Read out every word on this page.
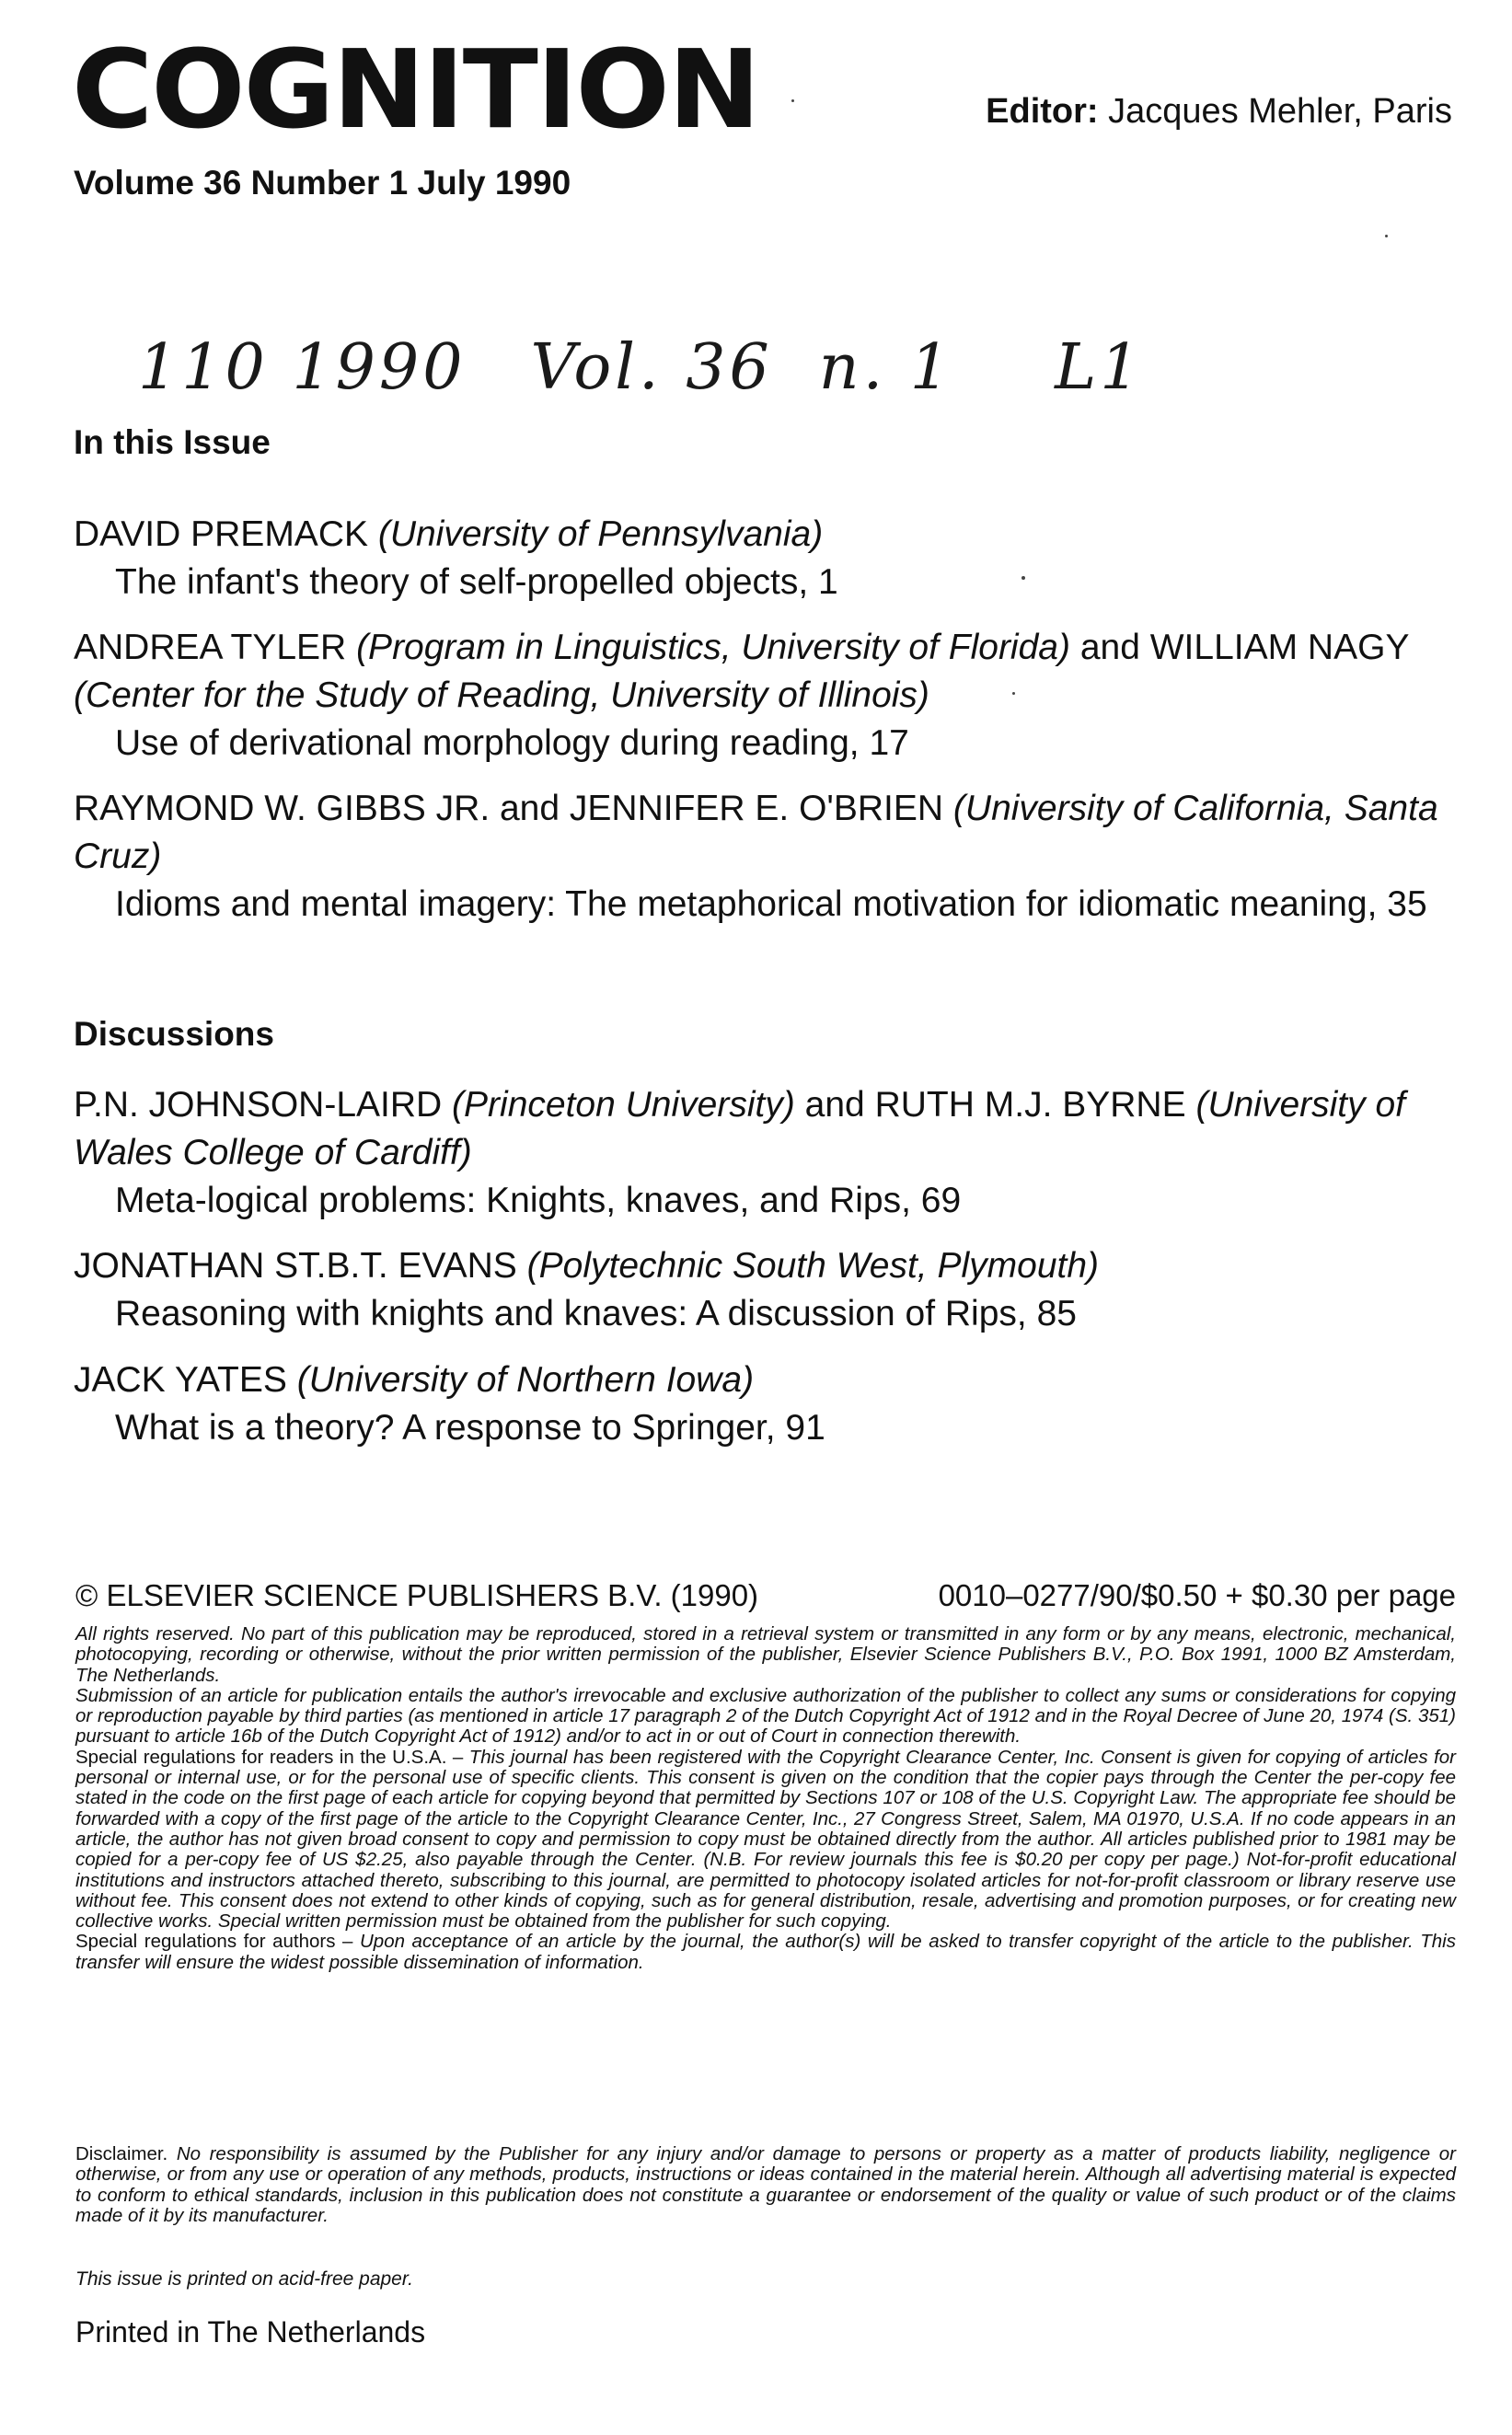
COGNITION	Editor: Jacques Mehler, Paris
Volume 36 Number 1 July 1990
110 1990 Vol. 36 n. 1 L1
In this Issue

DAVID PREMACK (University of Pennsylvania)

The infant's theory of self-propelled objects, 1

ANDREA TYLER (Program in Linguistics, University of Florida) and WILLIAM NAGY (Center for the Study of Reading, University of Illinois)

Use of derivational morphology during reading, 17

RAYMOND W. GIBBS JR. and JENNIFER E. O'BRIEN (University of California, Santa Cruz)

Idioms and mental imagery: The metaphorical motivation for idiomatic meaning, 35

Discussions

P.N. JOHNSON-LAIRD (Princeton University) and RUTH M.J. BYRNE (University of Wales College of Cardiff)

Meta-logical problems: Knights, knaves, and Rips, 69

JONATHAN ST.B.T. EVANS (Polytechnic South West, Plymouth)

Reasoning with knights and knaves: A discussion of Rips, 85

JACK YATES (University of Northern Iowa)

What is a theory? A response to Springer, 91

© ELSEVIER SCIENCE PUBLISHERS B.V. (1990)	0010–0277/90/$0.50 + $0.30 per page

All rights reserved. No part of this publication may be reproduced, stored in a retrieval system or transmitted in any form or by any means, electronic, mechanical, photocopying, recording or otherwise, without the prior written permission of the publisher, Elsevier Science Publishers B.V., P.O. Box 1991, 1000 BZ Amsterdam, The Netherlands.

Submission of an article for publication entails the author's irrevocable and exclusive authorization of the publisher to collect any sums or considerations for copying or reproduction payable by third parties (as mentioned in article 17 paragraph 2 of the Dutch Copyright Act of 1912 and in the Royal Decree of June 20, 1974 (S. 351) pursuant to article 16b of the Dutch Copyright Act of 1912) and/or to act in or out of Court in connection therewith.

Special regulations for readers in the U.S.A. – This journal has been registered with the Copyright Clearance Center, Inc. Consent is given for copying of articles for personal or internal use, or for the personal use of specific clients. This consent is given on the condition that the copier pays through the Center the per-copy fee stated in the code on the first page of each article for copying beyond that permitted by Sections 107 or 108 of the U.S. Copyright Law. The appropriate fee should be forwarded with a copy of the first page of the article to the Copyright Clearance Center, Inc., 27 Congress Street, Salem, MA 01970, U.S.A. If no code appears in an article, the author has not given broad consent to copy and permission to copy must be obtained directly from the author. All articles published prior to 1981 may be copied for a per-copy fee of US $2.25, also payable through the Center. (N.B. For review journals this fee is $0.20 per copy per page.) Not-for-profit educational institutions and instructors attached thereto, subscribing to this journal, are permitted to photocopy isolated articles for not-for-profit classroom or library reserve use without fee. This consent does not extend to other kinds of copying, such as for general distribution, resale, advertising and promotion purposes, or for creating new collective works. Special written permission must be obtained from the publisher for such copying.

Special regulations for authors – Upon acceptance of an article by the journal, the author(s) will be asked to transfer copyright of the article to the publisher. This transfer will ensure the widest possible dissemination of information.

Disclaimer. No responsibility is assumed by the Publisher for any injury and/or damage to persons or property as a matter of products liability, negligence or otherwise, or from any use or operation of any methods, products, instructions or ideas contained in the material herein. Although all advertising material is expected to conform to ethical standards, inclusion in this publication does not constitute a guarantee or endorsement of the quality or value of such product or of the claims made of it by its manufacturer.

This issue is printed on acid-free paper.
Printed in The Netherlands
